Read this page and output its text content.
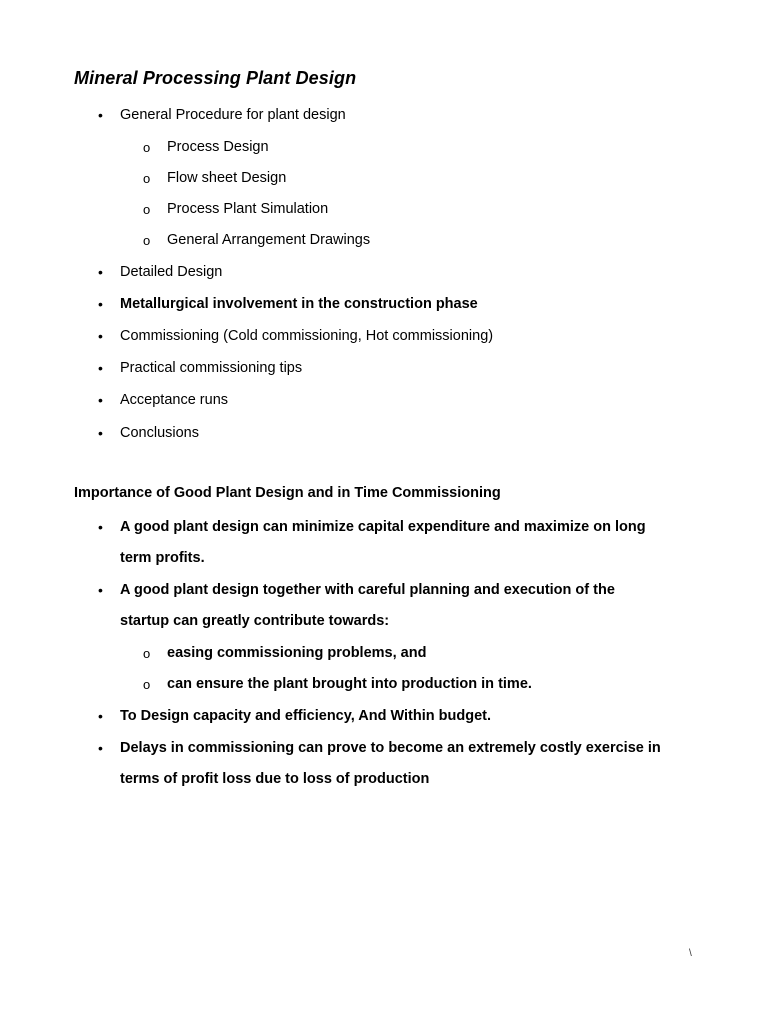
Mineral Processing Plant Design
• General Procedure for plant design
o Process Design
o Flow sheet Design
o Process Plant Simulation
o General Arrangement Drawings
• Detailed Design
• Metallurgical involvement in the construction phase
• Commissioning (Cold commissioning, Hot commissioning)
• Practical commissioning tips
• Acceptance runs
• Conclusions
Importance of Good Plant Design and in Time Commissioning
• A good plant design can minimize capital expenditure and maximize on long
term profits.
• A good plant design together with careful planning and execution of the
startup can greatly contribute towards:
o easing commissioning problems, and
o can ensure the plant brought into production in time.
• To Design capacity and efficiency, And Within budget.
• Delays in commissioning can prove to become an extremely costly exercise in
terms of profit loss due to loss of production
\
